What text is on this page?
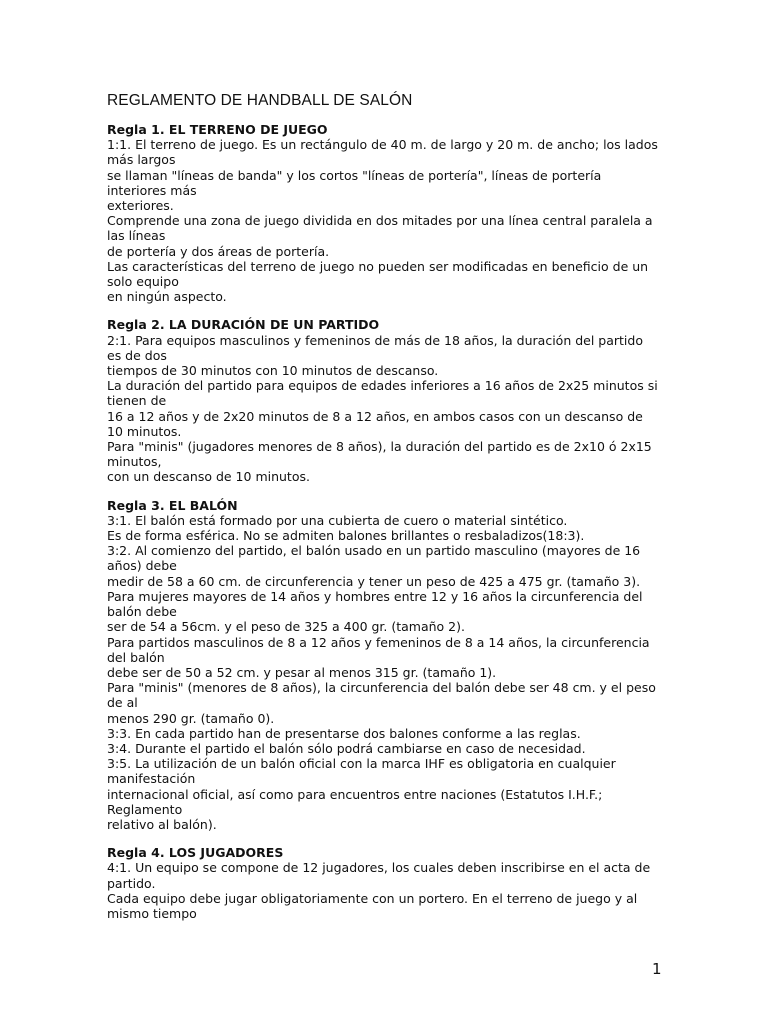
REGLAMENTO DE HANDBALL DE SALÓN

Regla 1. EL TERRENO DE JUEGO

1:1. El terreno de juego. Es un rectángulo de 40 m. de largo y 20 m. de ancho; los lados

más largos

se llaman "líneas de banda" y los cortos "líneas de portería", líneas de portería

interiores más

exteriores.

Comprende una zona de juego dividida en dos mitades por una línea central paralela a

las líneas

de portería y dos áreas de portería.

Las características del terreno de juego no pueden ser modificadas en beneficio de un

solo equipo

en ningún aspecto.

Regla 2. LA DURACIÓN DE UN PARTIDO

2:1. Para equipos masculinos y femeninos de más de 18 años, la duración del partido

es de dos

tiempos de 30 minutos con 10 minutos de descanso.

La duración del partido para equipos de edades inferiores a 16 años de 2x25 minutos si

tienen de

16 a 12 años y de 2x20 minutos de 8 a 12 años, en ambos casos con un descanso de

10 minutos.

Para "minis" (jugadores menores de 8 años), la duración del partido es de 2x10 ó 2x15

minutos,

con un descanso de 10 minutos.

Regla 3. EL BALÓN

3:1. El balón está formado por una cubierta de cuero o material sintético.

Es de forma esférica. No se admiten balones brillantes o resbaladizos(18:3).

3:2. Al comienzo del partido, el balón usado en un partido masculino (mayores de 16

años) debe

medir de 58 a 60 cm. de circunferencia y tener un peso de 425 a 475 gr. (tamaño 3).

Para mujeres mayores de 14 años y hombres entre 12 y 16 años la circunferencia del

balón debe

ser de 54 a 56cm. y el peso de 325 a 400 gr. (tamaño 2).

Para partidos masculinos de 8 a 12 años y femeninos de 8 a 14 años, la circunferencia

del balón

debe ser de 50 a 52 cm. y pesar al menos 315 gr. (tamaño 1).

Para "minis" (menores de 8 años), la circunferencia del balón debe ser 48 cm. y el peso

de al

menos 290 gr. (tamaño 0).

3:3. En cada partido han de presentarse dos balones conforme a las reglas.

3:4. Durante el partido el balón sólo podrá cambiarse en caso de necesidad.

3:5. La utilización de un balón oficial con la marca IHF es obligatoria en cualquier

manifestación

internacional oficial, así como para encuentros entre naciones (Estatutos I.H.F.;

Reglamento

relativo al balón).

Regla 4. LOS JUGADORES

4:1. Un equipo se compone de 12 jugadores, los cuales deben inscribirse en el acta de

partido.

Cada equipo debe jugar obligatoriamente con un portero. En el terreno de juego y al

mismo tiempo

1
